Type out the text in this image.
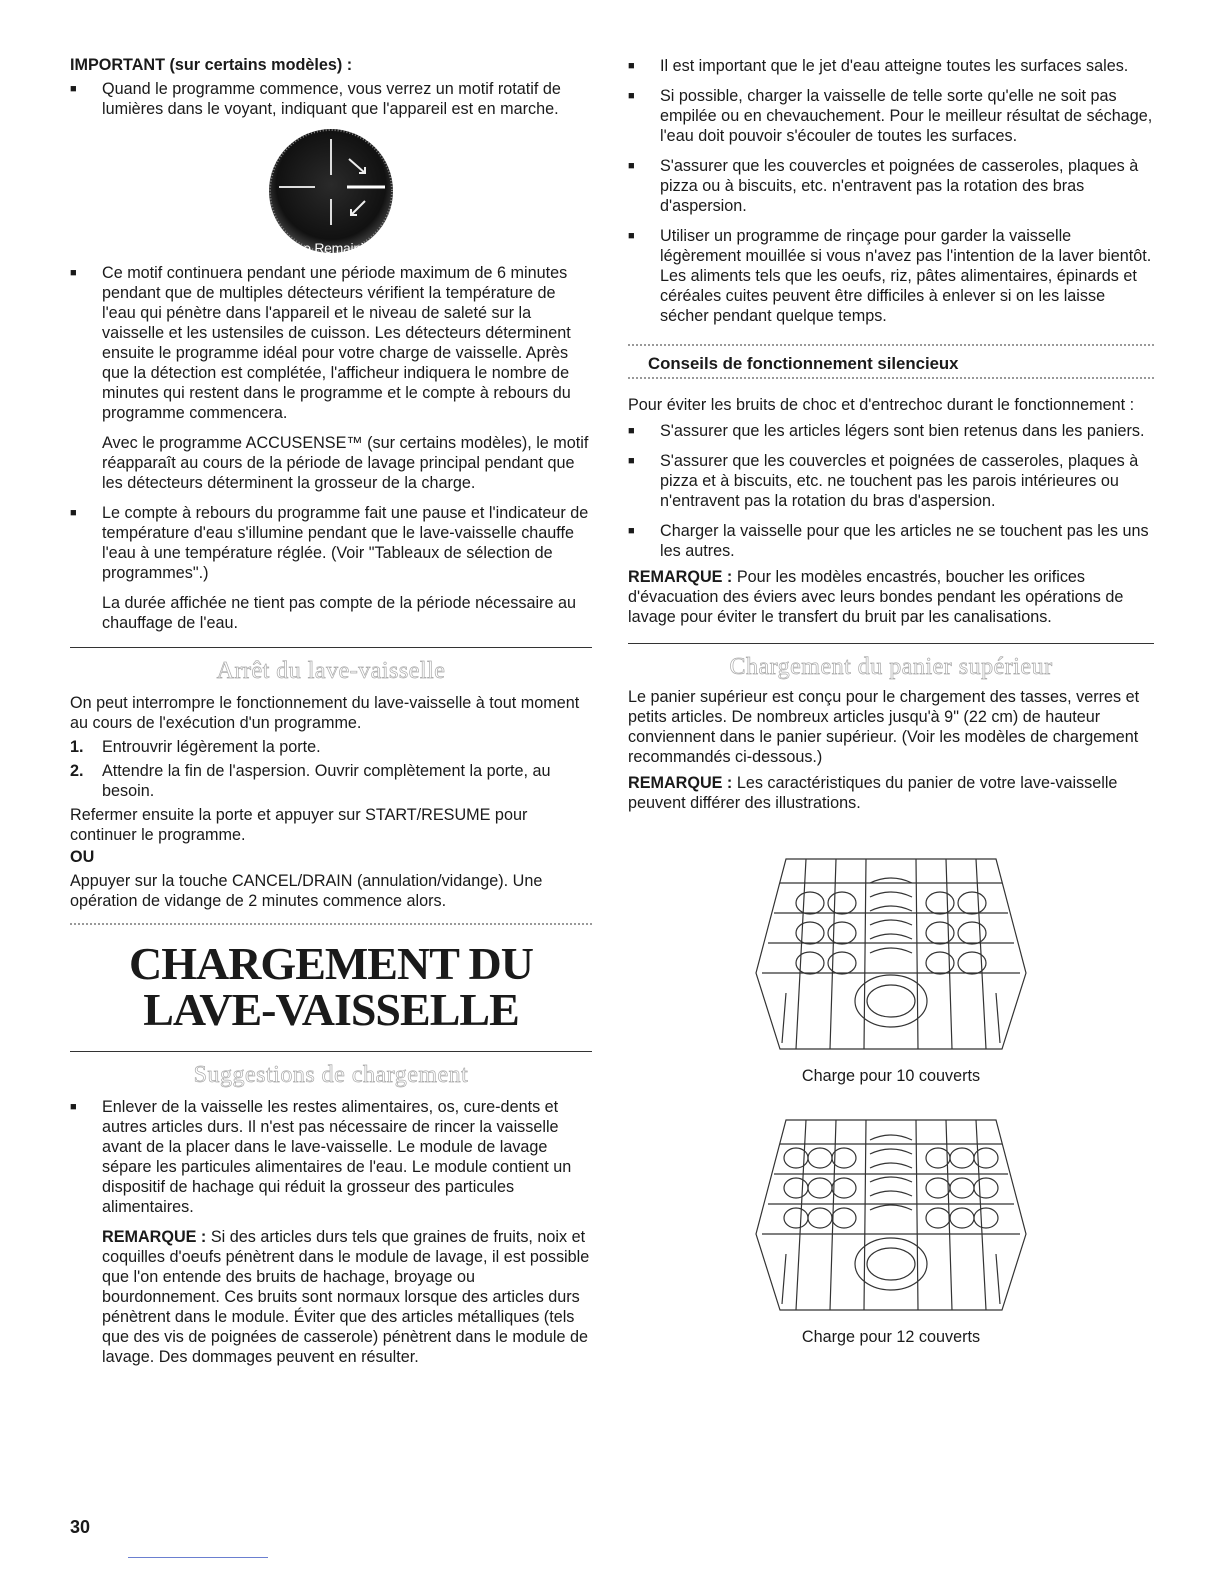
IMPORTANT (sur certains modèles) :

■ Quand le programme commence, vous verrez un motif rotatif de lumières dans le voyant, indiquant que l'appareil est en marche.

Time Remaining

■ Ce motif continuera pendant une période maximum de 6 minutes pendant que de multiples détecteurs vérifient la température de l'eau qui pénètre dans l'appareil et le niveau de saleté sur la vaisselle et les ustensiles de cuisson. Les détecteurs déterminent ensuite le programme idéal pour votre charge de vaisselle. Après que la détection est complétée, l'afficheur indiquera le nombre de minutes qui restent dans le programme et le compte à rebours du programme commencera.

Avec le programme ACCUSENSE™ (sur certains modèles), le motif réapparaît au cours de la période de lavage principal pendant que les détecteurs déterminent la grosseur de la charge.

■ Le compte à rebours du programme fait une pause et l'indicateur de température d'eau s'illumine pendant que le lave-vaisselle chauffe l'eau à une température réglée. (Voir "Tableaux de sélection de programmes".)

La durée affichée ne tient pas compte de la période nécessaire au chauffage de l'eau.

Arrêt du lave-vaisselle

On peut interrompre le fonctionnement du lave-vaisselle à tout moment au cours de l'exécution d'un programme.

1. Entrouvrir légèrement la porte.

2. Attendre la fin de l'aspersion. Ouvrir complètement la porte, au besoin.

Refermer ensuite la porte et appuyer sur START/RESUME pour continuer le programme.

OU

Appuyer sur la touche CANCEL/DRAIN (annulation/vidange). Une opération de vidange de 2 minutes commence alors.

CHARGEMENT DU
LAVE-VAISSELLE
Suggestions de chargement

■ Enlever de la vaisselle les restes alimentaires, os, cure-dents et autres articles durs. Il n'est pas nécessaire de rincer la vaisselle avant de la placer dans le lave-vaisselle. Le module de lavage sépare les particules alimentaires de l'eau. Le module contient un dispositif de hachage qui réduit la grosseur des particules alimentaires.

REMARQUE : Si des articles durs tels que graines de fruits, noix et coquilles d'oeufs pénètrent dans le module de lavage, il est possible que l'on entende des bruits de hachage, broyage ou bourdonnement. Ces bruits sont normaux lorsque des articles durs pénètrent dans le module. Éviter que des articles métalliques (tels que des vis de poignées de casserole) pénètrent dans le module de lavage. Des dommages peuvent en résulter.

■ Il est important que le jet d'eau atteigne toutes les surfaces sales.

■ Si possible, charger la vaisselle de telle sorte qu'elle ne soit pas empilée ou en chevauchement. Pour le meilleur résultat de séchage, l'eau doit pouvoir s'écouler de toutes les surfaces.

■ S'assurer que les couvercles et poignées de casseroles, plaques à pizza ou à biscuits, etc. n'entravent pas la rotation des bras d'aspersion.

■ Utiliser un programme de rinçage pour garder la vaisselle légèrement mouillée si vous n'avez pas l'intention de la laver bientôt. Les aliments tels que les oeufs, riz, pâtes alimentaires, épinards et céréales cuites peuvent être difficiles à enlever si on les laisse sécher pendant quelque temps.

Conseils de fonctionnement silencieux

Pour éviter les bruits de choc et d'entrechoc durant le fonctionnement :

■ S'assurer que les articles légers sont bien retenus dans les paniers.

■ S'assurer que les couvercles et poignées de casseroles, plaques à pizza et à biscuits, etc. ne touchent pas les parois intérieures ou n'entravent pas la rotation du bras d'aspersion.

■ Charger la vaisselle pour que les articles ne se touchent pas les uns les autres.

REMARQUE : Pour les modèles encastrés, boucher les orifices d'évacuation des éviers avec leurs bondes pendant les opérations de lavage pour éviter le transfert du bruit par les canalisations.

Chargement du panier supérieur

Le panier supérieur est conçu pour le chargement des tasses, verres et petits articles. De nombreux articles jusqu'à 9" (22 cm) de hauteur conviennent dans le panier supérieur. (Voir les modèles de chargement recommandés ci-dessous.)

REMARQUE : Les caractéristiques du panier de votre lave-vaisselle peuvent différer des illustrations.

Charge pour 10 couverts
Charge pour 12 couverts
30
